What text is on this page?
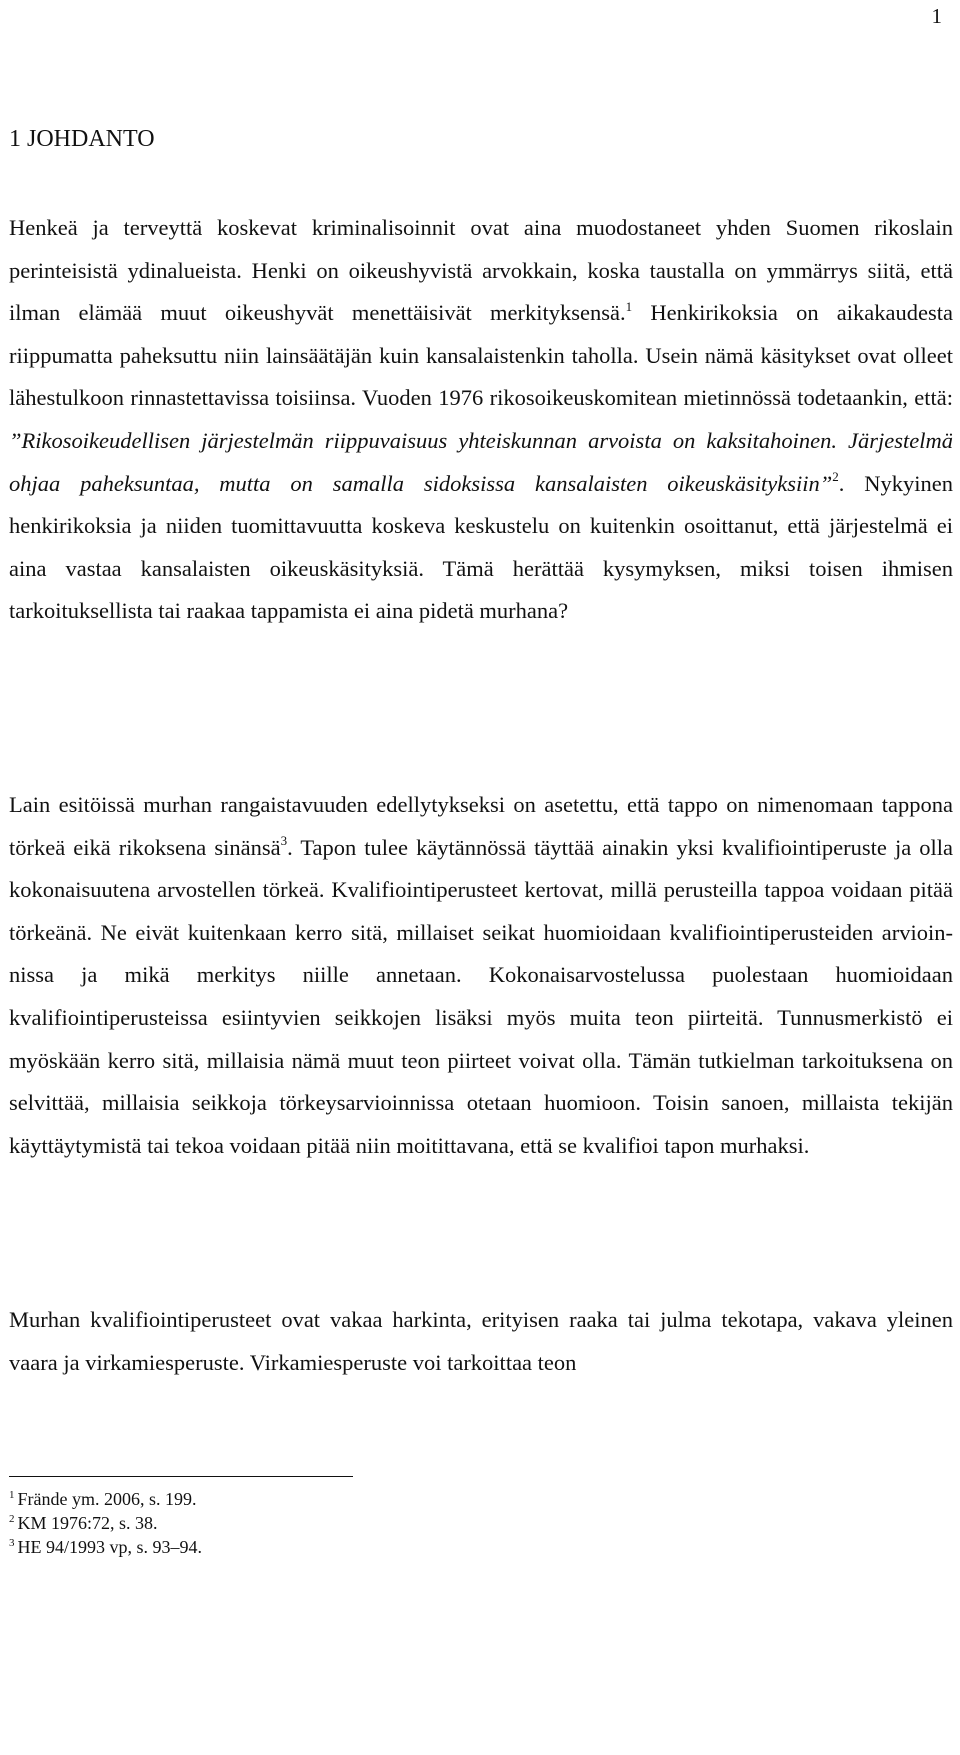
1
1 JOHDANTO

Henkeä ja terveyttä koskevat kriminalisoinnit ovat aina muodostaneet yhden Suomen rikoslain perinteisistä ydinalueista. Henki on oikeushyvistä arvokkain, koska taustalla on ymmärrys siitä, että ilman elämää muut oikeushyvät menettäisivät merkityksensä.$^1$ Henkirikoksia on aikakaudesta riippumatta paheksuttu niin lainsäätäjän kuin kansalaistenkin taholla. Usein nämä käsitykset ovat olleet lähestulkoon rinnastettavissa toisiinsa. Vuoden 1976 rikosoikeuskomitean mietinnössä todetaankin, että: ”Rikosoikeudellisen järjestelmän riippuvaisuus yhteiskunnan arvoista on kaksitahoinen. Järjestelmä ohjaa paheksuntaa, mutta on samalla sidoksissa kansalaisten oikeuskäsityksiin”$^2$. Nykyinen henkirikoksia ja niiden tuomittavuutta koskeva keskustelu on kuitenkin osoittanut, että järjestelmä ei aina vastaa kansalaisten oikeuskäsityksiä. Tämä herättää kysymyksen, miksi toisen ihmisen tarkoituksellista tai raakaa tappamista ei aina pidetä murhana?

Lain esitöissä murhan rangaistavuuden edellytykseksi on asetettu, että tappo on nimenomaan tappona törkeä eikä rikoksena sinänsä$^3$. Tapon tulee käytännössä täyttää ainakin yksi kvalifiointiperuste ja olla kokonaisuutena arvostellen törkeä. Kvalifiointiperusteet kertovat, millä perusteilla tappoa voidaan pitää törkeänä. Ne eivät kuitenkaan kerro sitä, millaiset seikat huomioidaan kvalifiointiperusteiden arvioinnissa ja mikä merkitys niille annetaan. Kokonaisarvostelussa puolestaan huomioidaan kvalifiointiperusteissa esiintyvien seikkojen lisäksi myös muita teon piirteitä. Tunnusmerkistö ei myöskään kerro sitä, millaisia nämä muut teon piirteet voivat olla. Tämän tutkielman tarkoituksena on selvittää, millaisia seikkoja törkeysarvioinnissa otetaan huomioon. Toisin sanoen, millaista tekijän käyttäytymistä tai tekoa voidaan pitää niin moitittavana, että se kvalifioi tapon murhaksi.

Murhan kvalifiointiperusteet ovat vakaa harkinta, erityisen raaka tai julma tekotapa, vakava yleinen vaara ja virkamiesperuste. Virkamiesperuste voi tarkoittaa teon

$^1$ Frände ym. 2006, s. 199.
$^2$ KM 1976:72, s. 38.
$^3$ HE 94/1993 vp, s. 93–94.
